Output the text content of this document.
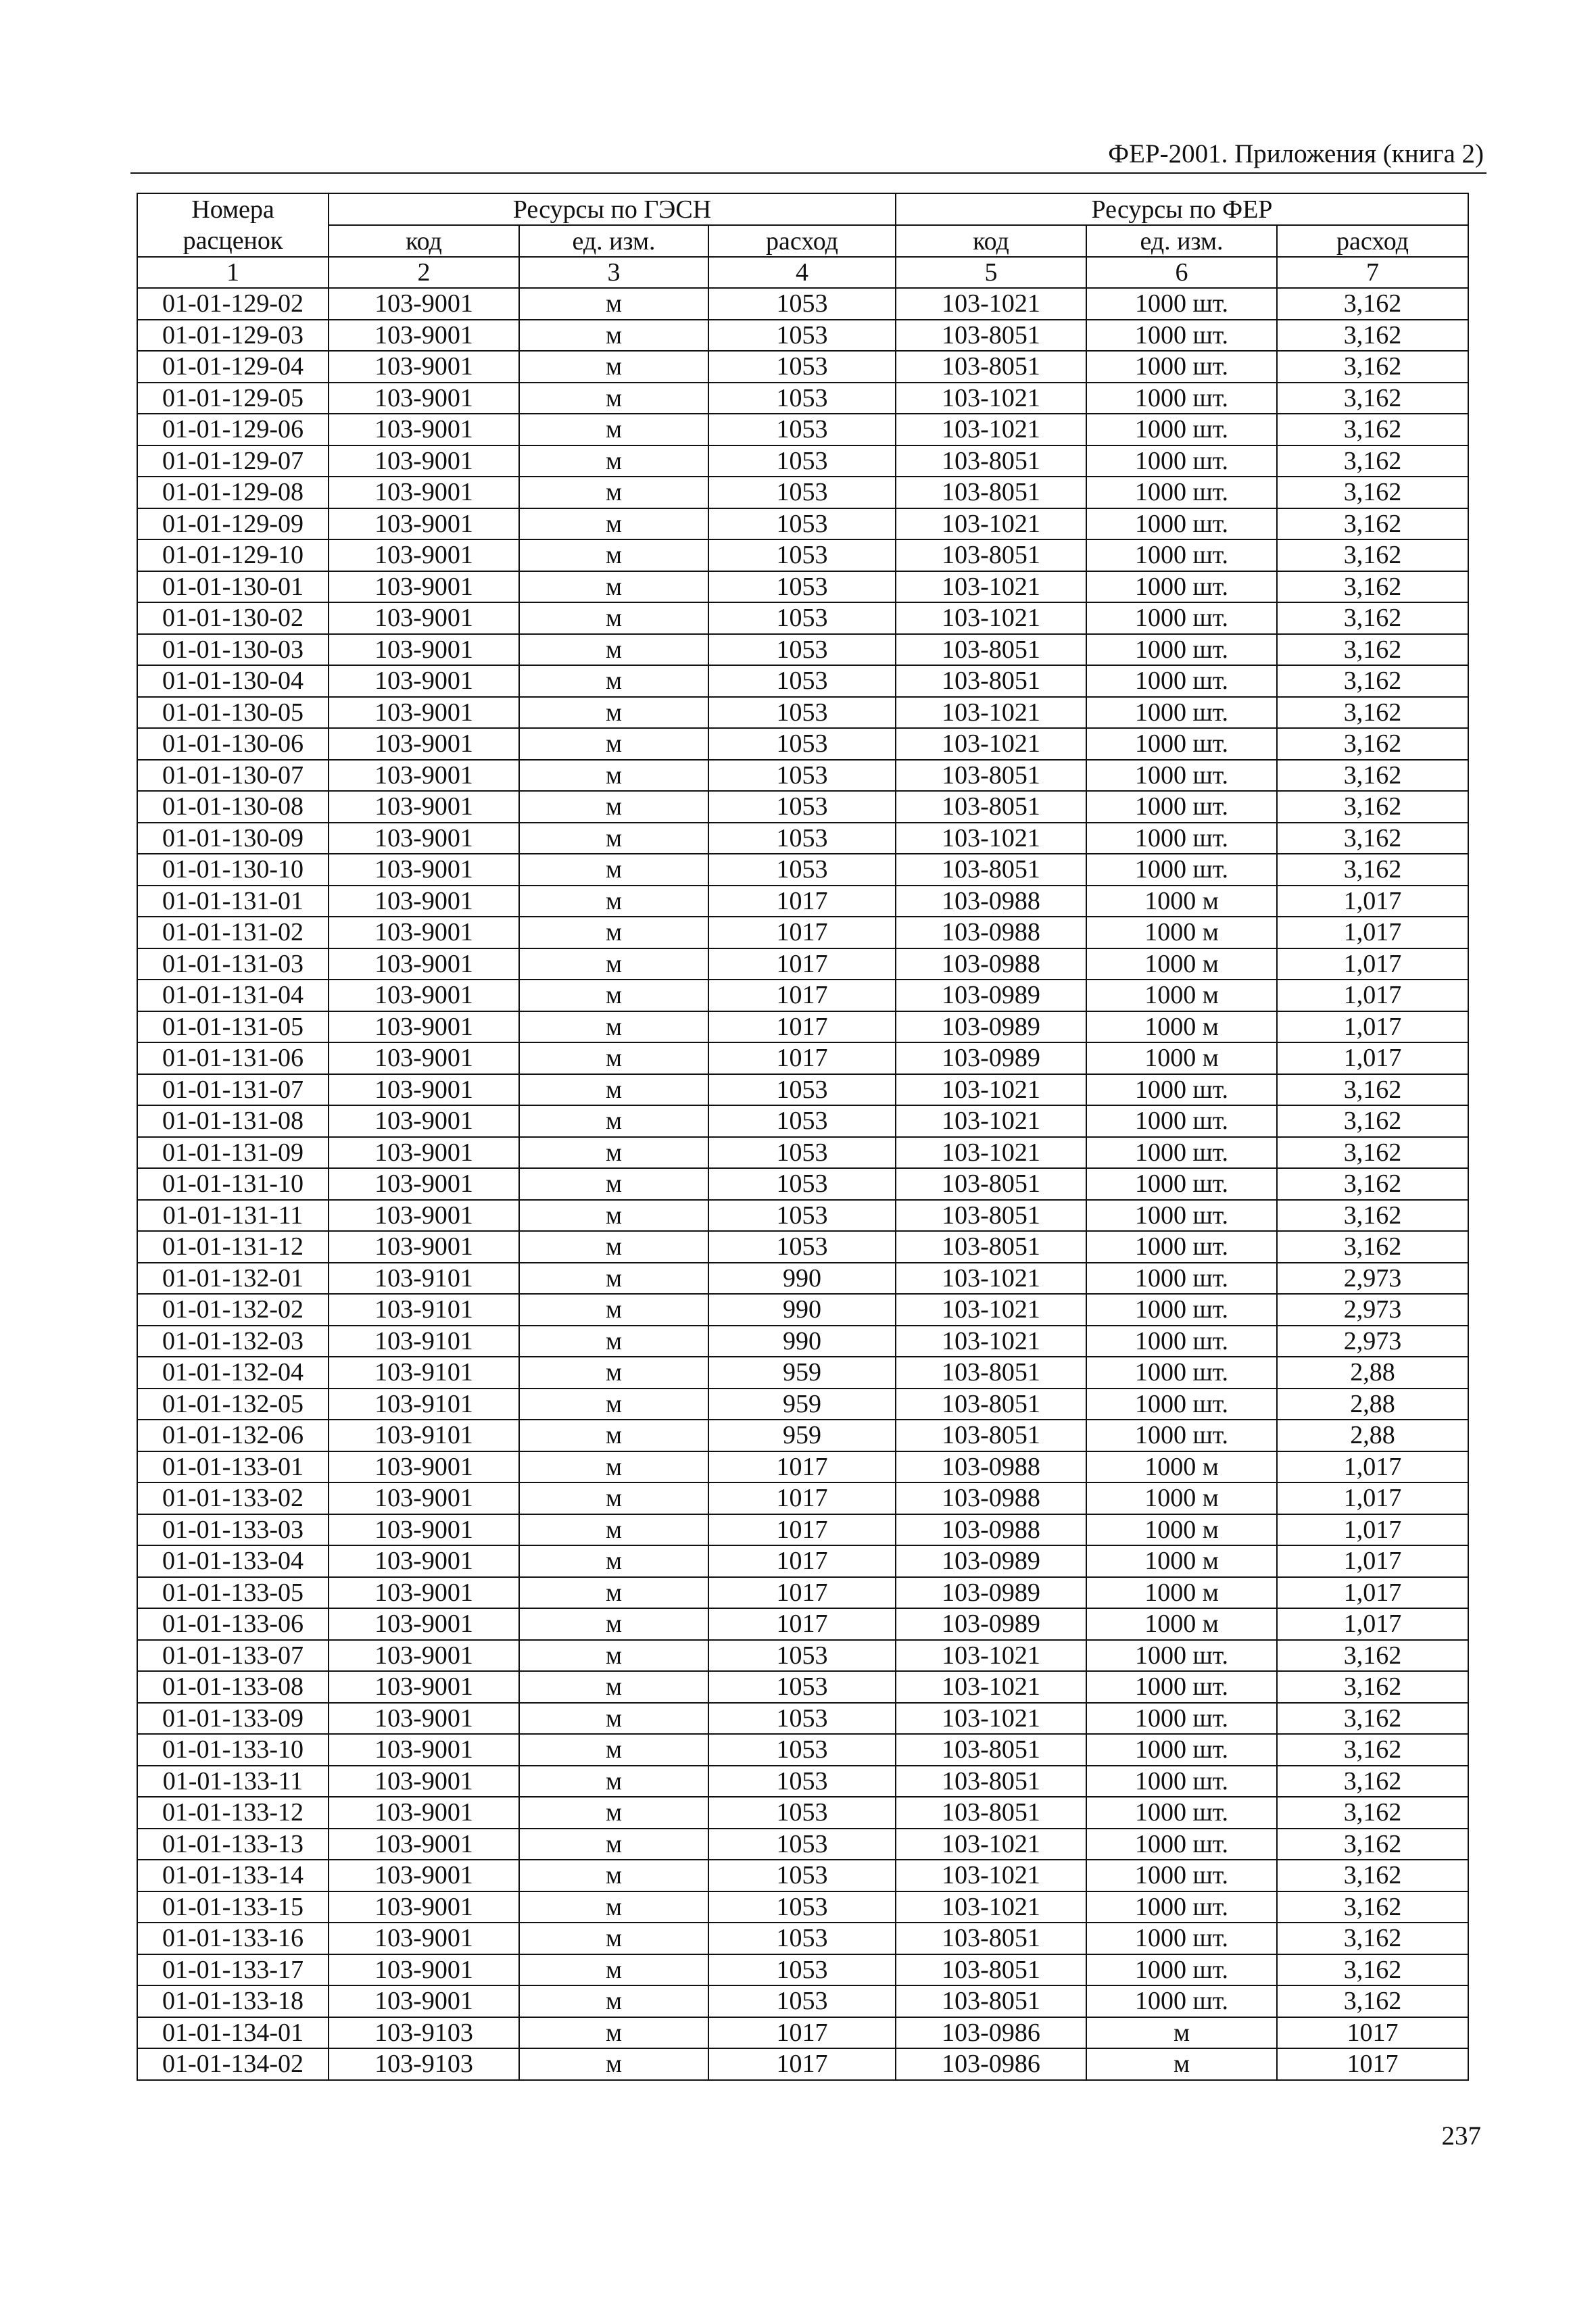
ФЕР-2001. Приложения (книга 2)
Номера расценок	Ресурсы по ГЭСН			Ресурсы по ФЕР		
	код	ед. изм.	расход	код	ед. изм.	расход
1	2	3	4	5	6	7
01-01-129-02	103-9001	м	1053	103-1021	1000 шт.	3,162
01-01-129-03	103-9001	м	1053	103-8051	1000 шт.	3,162
01-01-129-04	103-9001	м	1053	103-8051	1000 шт.	3,162
01-01-129-05	103-9001	м	1053	103-1021	1000 шт.	3,162
01-01-129-06	103-9001	м	1053	103-1021	1000 шт.	3,162
01-01-129-07	103-9001	м	1053	103-8051	1000 шт.	3,162
01-01-129-08	103-9001	м	1053	103-8051	1000 шт.	3,162
01-01-129-09	103-9001	м	1053	103-1021	1000 шт.	3,162
01-01-129-10	103-9001	м	1053	103-8051	1000 шт.	3,162
01-01-130-01	103-9001	м	1053	103-1021	1000 шт.	3,162
01-01-130-02	103-9001	м	1053	103-1021	1000 шт.	3,162
01-01-130-03	103-9001	м	1053	103-8051	1000 шт.	3,162
01-01-130-04	103-9001	м	1053	103-8051	1000 шт.	3,162
01-01-130-05	103-9001	м	1053	103-1021	1000 шт.	3,162
01-01-130-06	103-9001	м	1053	103-1021	1000 шт.	3,162
01-01-130-07	103-9001	м	1053	103-8051	1000 шт.	3,162
01-01-130-08	103-9001	м	1053	103-8051	1000 шт.	3,162
01-01-130-09	103-9001	м	1053	103-1021	1000 шт.	3,162
01-01-130-10	103-9001	м	1053	103-8051	1000 шт.	3,162
01-01-131-01	103-9001	м	1017	103-0988	1000 м	1,017
01-01-131-02	103-9001	м	1017	103-0988	1000 м	1,017
01-01-131-03	103-9001	м	1017	103-0988	1000 м	1,017
01-01-131-04	103-9001	м	1017	103-0989	1000 м	1,017
01-01-131-05	103-9001	м	1017	103-0989	1000 м	1,017
01-01-131-06	103-9001	м	1017	103-0989	1000 м	1,017
01-01-131-07	103-9001	м	1053	103-1021	1000 шт.	3,162
01-01-131-08	103-9001	м	1053	103-1021	1000 шт.	3,162
01-01-131-09	103-9001	м	1053	103-1021	1000 шт.	3,162
01-01-131-10	103-9001	м	1053	103-8051	1000 шт.	3,162
01-01-131-11	103-9001	м	1053	103-8051	1000 шт.	3,162
01-01-131-12	103-9001	м	1053	103-8051	1000 шт.	3,162
01-01-132-01	103-9101	м	990	103-1021	1000 шт.	2,973
01-01-132-02	103-9101	м	990	103-1021	1000 шт.	2,973
01-01-132-03	103-9101	м	990	103-1021	1000 шт.	2,973
01-01-132-04	103-9101	м	959	103-8051	1000 шт.	2,88
01-01-132-05	103-9101	м	959	103-8051	1000 шт.	2,88
01-01-132-06	103-9101	м	959	103-8051	1000 шт.	2,88
01-01-133-01	103-9001	м	1017	103-0988	1000 м	1,017
01-01-133-02	103-9001	м	1017	103-0988	1000 м	1,017
01-01-133-03	103-9001	м	1017	103-0988	1000 м	1,017
01-01-133-04	103-9001	м	1017	103-0989	1000 м	1,017
01-01-133-05	103-9001	м	1017	103-0989	1000 м	1,017
01-01-133-06	103-9001	м	1017	103-0989	1000 м	1,017
01-01-133-07	103-9001	м	1053	103-1021	1000 шт.	3,162
01-01-133-08	103-9001	м	1053	103-1021	1000 шт.	3,162
01-01-133-09	103-9001	м	1053	103-1021	1000 шт.	3,162
01-01-133-10	103-9001	м	1053	103-8051	1000 шт.	3,162
01-01-133-11	103-9001	м	1053	103-8051	1000 шт.	3,162
01-01-133-12	103-9001	м	1053	103-8051	1000 шт.	3,162
01-01-133-13	103-9001	м	1053	103-1021	1000 шт.	3,162
01-01-133-14	103-9001	м	1053	103-1021	1000 шт.	3,162
01-01-133-15	103-9001	м	1053	103-1021	1000 шт.	3,162
01-01-133-16	103-9001	м	1053	103-8051	1000 шт.	3,162
01-01-133-17	103-9001	м	1053	103-8051	1000 шт.	3,162
01-01-133-18	103-9001	м	1053	103-8051	1000 шт.	3,162
01-01-134-01	103-9103	м	1017	103-0986	м	1017
01-01-134-02	103-9103	м	1017	103-0986	м	1017
237
